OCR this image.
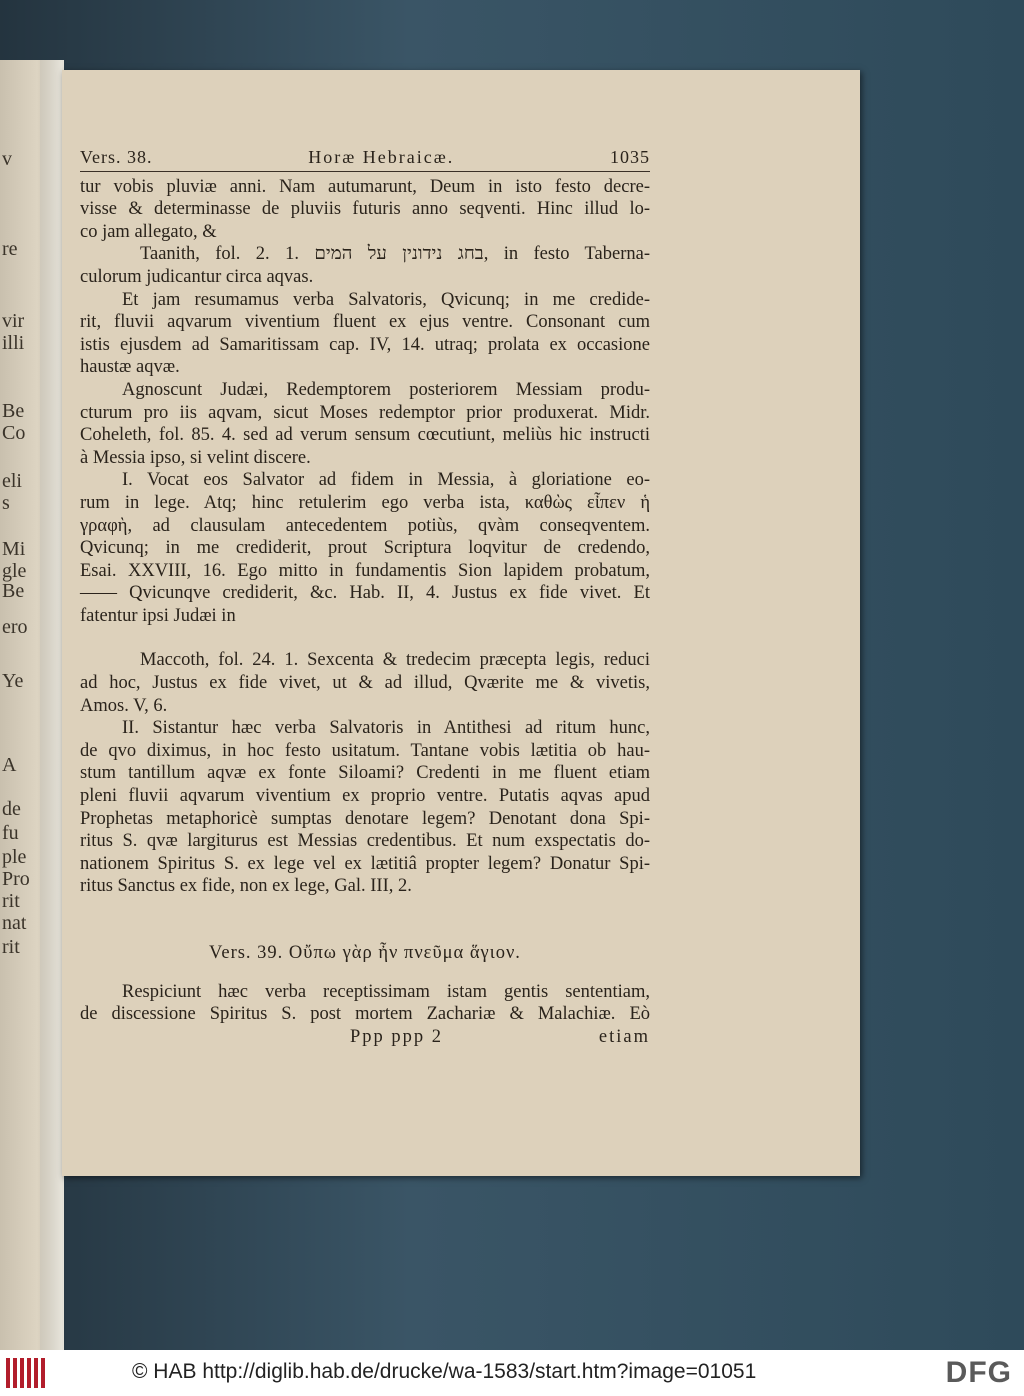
v
re
vir
illi
Be
Co
eli
s
Mi
gle
Be
ero
Ye
A
de
fu
ple
Pro
rit
nat
rit
Vers. 38.	Horæ Hebraicæ.	1035
tur vobis pluviæ anni. Nam autumarunt, Deum in isto festo decre-
visse & determinasse de pluviis futuris anno seqventi. Hinc illud lo-
co jam allegato, &
Taanith, fol. 2. 1. בחג נידונין על המים, in festo Taberna-
culorum judicantur circa aqvas.
Et jam resumamus verba Salvatoris, Qvicunq; in me credide-
rit, fluvii aqvarum viventium fluent ex ejus ventre. Consonant cum
istis ejusdem ad Samaritissam cap. IV, 14. utraq; prolata ex occasione
haustæ aqvæ.
Agnoscunt Judæi, Redemptorem posteriorem Messiam produ-
cturum pro iis aqvam, sicut Moses redemptor prior produxerat. Midr.
Coheleth, fol. 85. 4. sed ad verum sensum cœcutiunt, meliùs hic instructi
à Messia ipso, si velint discere.
I. Vocat eos Salvator ad fidem in Messia, à gloriatione eo-
rum in lege. Atq; hinc retulerim ego verba ista, καθὼς εἶπεν ἡ
γραφὴ, ad clausulam antecedentem potiùs, qvàm conseqventem.
Qvicunq; in me crediderit, prout Scriptura loqvitur de credendo,
Esai. XXVIII, 16. Ego mitto in fundamentis Sion lapidem probatum,
—— Qvicunqve crediderit, &c. Hab. II, 4. Justus ex fide vivet. Et
fatentur ipsi Judæi in
Maccoth, fol. 24. 1. Sexcenta & tredecim præcepta legis, reduci
ad hoc, Justus ex fide vivet, ut & ad illud, Qværite me & vivetis,
Amos. V, 6.
II. Sistantur hæc verba Salvatoris in Antithesi ad ritum hunc,
de qvo diximus, in hoc festo usitatum. Tantane vobis lætitia ob hau-
stum tantillum aqvæ ex fonte Siloami? Credenti in me fluent etiam
pleni fluvii aqvarum viventium ex proprio ventre. Putatis aqvas apud
Prophetas metaphoricè sumptas denotare legem? Denotant dona Spi-
ritus S. qvæ largiturus est Messias credentibus. Et num exspectatis do-
nationem Spiritus S. ex lege vel ex lætitiâ propter legem? Donatur Spi-
ritus Sanctus ex fide, non ex lege, Gal. III, 2.
Vers. 39. Οὔπω γὰρ ἦν πνεῦμα ἅγιον.
Respiciunt hæc verba receptissimam istam gentis sententiam,
de discessione Spiritus S. post mortem Zachariæ & Malachiæ. Eò
Ppp ppp 2	etiam
© HAB http://diglib.hab.de/drucke/wa-1583/start.htm?image=01051	DFG
